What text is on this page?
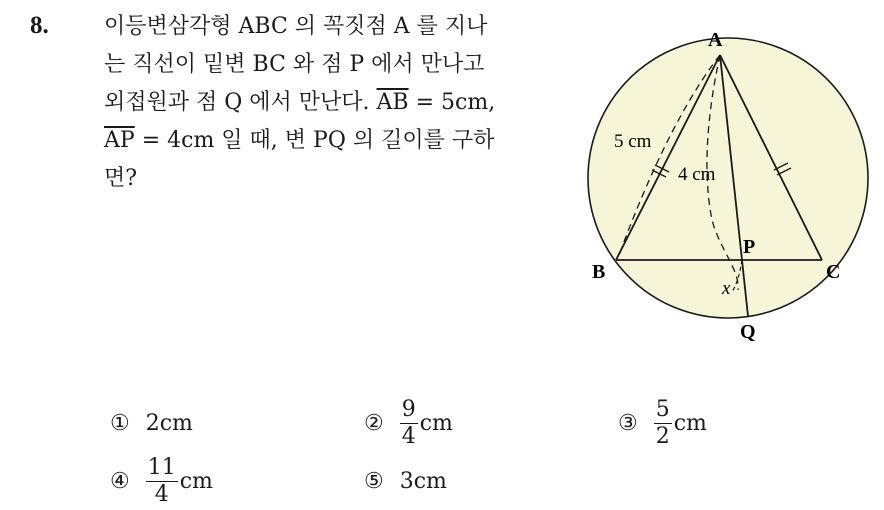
8.	이등변삼각형 ABC 의 꼭짓점 A 를 지나
는 직선이 밑변 BC 와 점 P 에서 만나고
외접원과 점 Q 에서 만난다. $\overline{AB} = 5cm$,
$\overline{AP} = 4cm$ 일 때, 변 PQ 의 길이를 구하
면?
A
B	C
P
Q
x
5 cm
4 cm
① 2cm	② $\frac{9}{4}$ cm	③ $\frac{5}{2}$ cm
④ $\frac{11}{4}$ cm	⑤ 3cm
